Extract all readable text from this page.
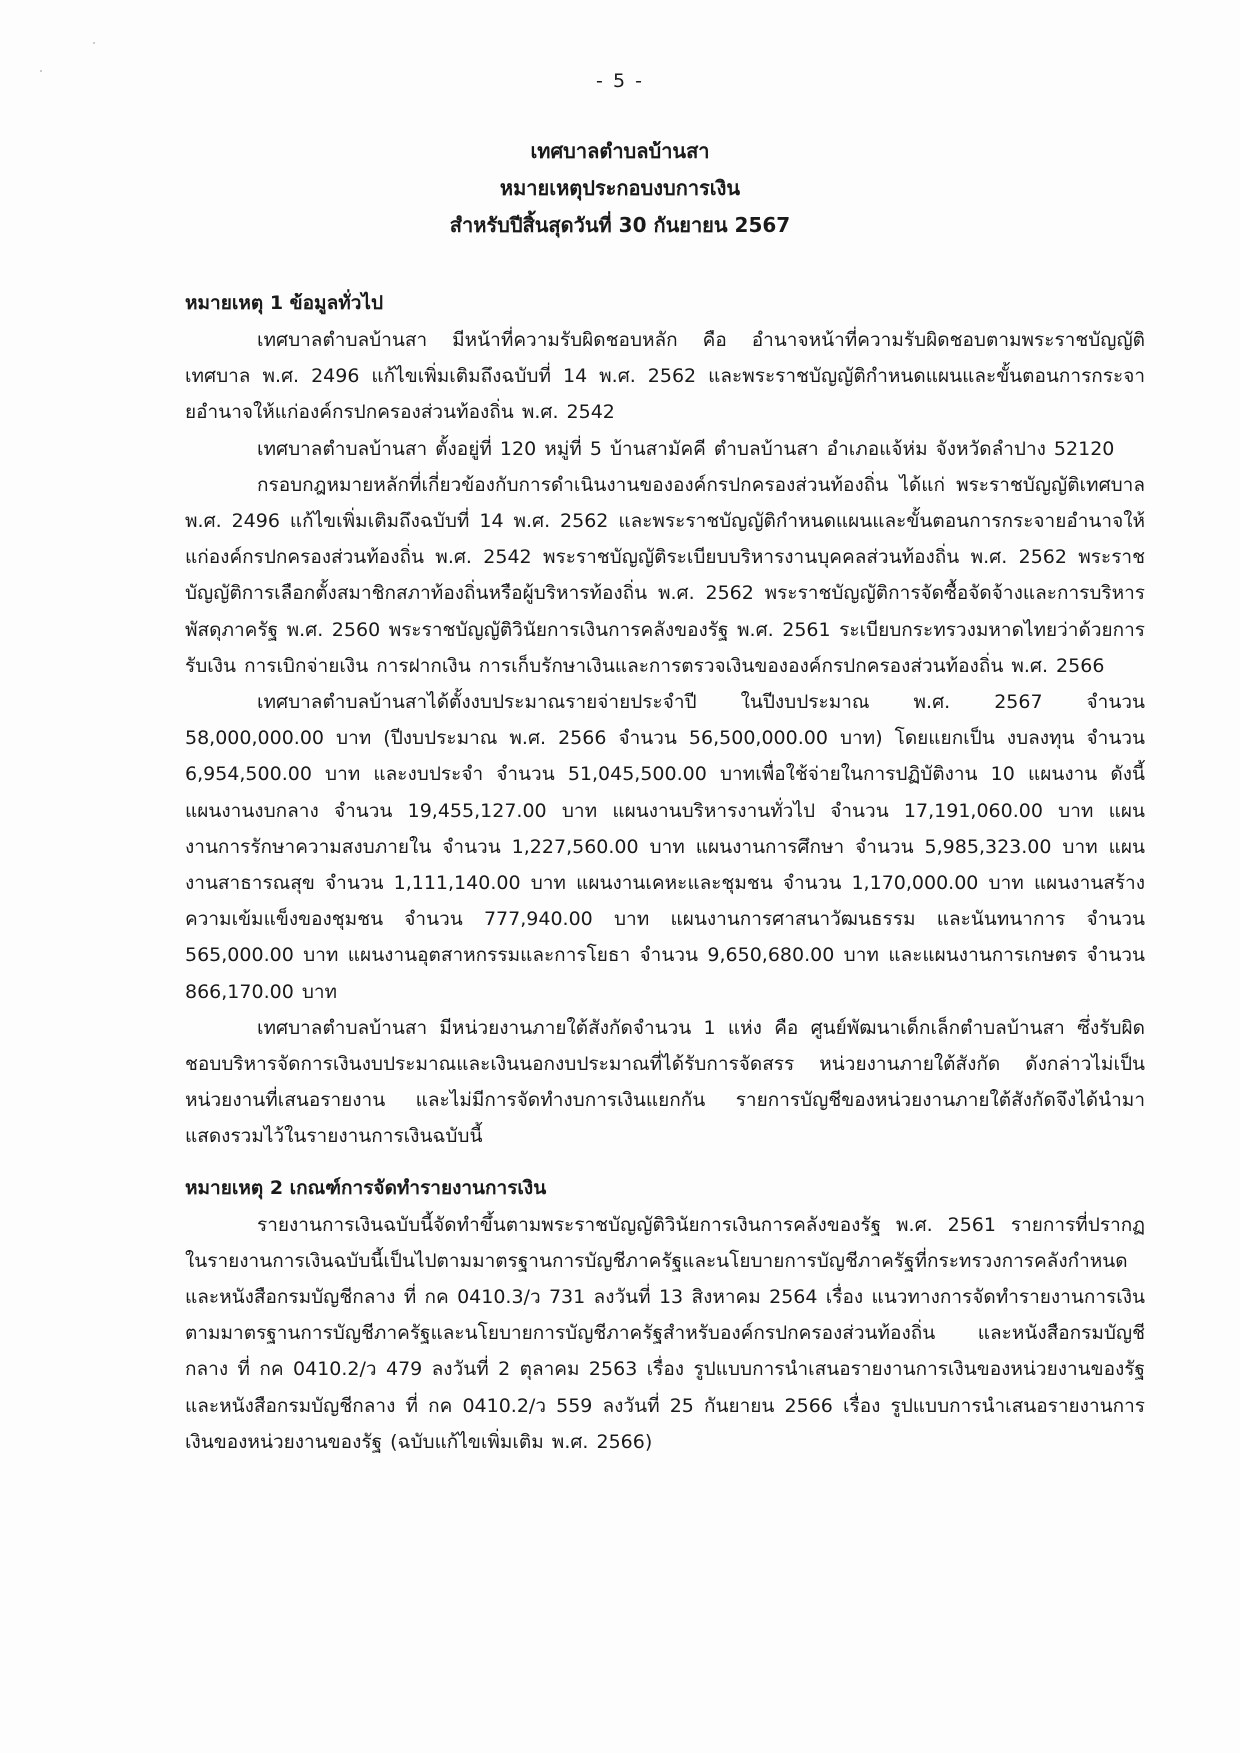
- 5 -

เทศบาลตำบลบ้านสา

หมายเหตุประกอบงบการเงิน

สำหรับปีสิ้นสุดวันที่ 30 กันยายน 2567

หมายเหตุ 1 ข้อมูลทั่วไป

เทศบาลตำบลบ้านสา มีหน้าที่ความรับผิดชอบหลัก คือ อำนาจหน้าที่ความรับผิดชอบตามพระราชบัญญัติเทศบาล พ.ศ. 2496 แก้ไขเพิ่มเติมถึงฉบับที่ 14 พ.ศ. 2562 และพระราชบัญญัติกำหนดแผนและขั้นตอนการกระจายอำนาจให้แก่องค์กรปกครองส่วนท้องถิ่น พ.ศ. 2542

เทศบาลตำบลบ้านสา ตั้งอยู่ที่ 120 หมู่ที่ 5 บ้านสามัคคี ตำบลบ้านสา อำเภอแจ้ห่ม จังหวัดลำปาง 52120

กรอบกฎหมายหลักที่เกี่ยวข้องกับการดำเนินงานขององค์กรปกครองส่วนท้องถิ่น ได้แก่ พระราชบัญญัติเทศบาล พ.ศ. 2496 แก้ไขเพิ่มเติมถึงฉบับที่ 14 พ.ศ. 2562 และพระราชบัญญัติกำหนดแผนและขั้นตอนการกระจายอำนาจให้แก่องค์กรปกครองส่วนท้องถิ่น พ.ศ. 2542 พระราชบัญญัติระเบียบบริหารงานบุคคลส่วนท้องถิ่น พ.ศ. 2562 พระราชบัญญัติการเลือกตั้งสมาชิกสภาท้องถิ่นหรือผู้บริหารท้องถิ่น พ.ศ. 2562 พระราชบัญญัติการจัดซื้อจัดจ้างและการบริหารพัสดุภาครัฐ พ.ศ. 2560 พระราชบัญญัติวินัยการเงินการคลังของรัฐ พ.ศ. 2561 ระเบียบกระทรวงมหาดไทยว่าด้วยการรับเงิน การเบิกจ่ายเงิน การฝากเงิน การเก็บรักษาเงินและการตรวจเงินขององค์กรปกครองส่วนท้องถิ่น พ.ศ. 2566

เทศบาลตำบลบ้านสาได้ตั้งงบประมาณรายจ่ายประจำปี ในปีงบประมาณ พ.ศ. 2567 จำนวน 58,000,000.00 บาท (ปีงบประมาณ พ.ศ. 2566 จำนวน 56,500,000.00 บาท) โดยแยกเป็น งบลงทุน จำนวน 6,954,500.00 บาท และงบประจำ จำนวน 51,045,500.00 บาทเพื่อใช้จ่ายในการปฏิบัติงาน 10 แผนงาน ดังนี้ แผนงานงบกลาง จำนวน 19,455,127.00 บาท แผนงานบริหารงานทั่วไป จำนวน 17,191,060.00 บาท แผนงานการรักษาความสงบภายใน จำนวน 1,227,560.00 บาท แผนงานการศึกษา จำนวน 5,985,323.00 บาท แผนงานสาธารณสุข จำนวน 1,111,140.00 บาท แผนงานเคหะและชุมชน จำนวน 1,170,000.00 บาท แผนงานสร้างความเข้มแข็งของชุมชน จำนวน 777,940.00 บาท แผนงานการศาสนาวัฒนธรรม และนันทนาการ จำนวน 565,000.00 บาท แผนงานอุตสาหกรรมและการโยธา จำนวน 9,650,680.00 บาท และแผนงานการเกษตร จำนวน 866,170.00 บาท

เทศบาลตำบลบ้านสา มีหน่วยงานภายใต้สังกัดจำนวน 1 แห่ง คือ ศูนย์พัฒนาเด็กเล็กตำบลบ้านสา ซึ่งรับผิดชอบบริหารจัดการเงินงบประมาณและเงินนอกงบประมาณที่ได้รับการจัดสรร หน่วยงานภายใต้สังกัด ดังกล่าวไม่เป็นหน่วยงานที่เสนอรายงาน และไม่มีการจัดทำงบการเงินแยกกัน รายการบัญชีของหน่วยงานภายใต้สังกัดจึงได้นำมาแสดงรวมไว้ในรายงานการเงินฉบับนี้

หมายเหตุ 2 เกณฑ์การจัดทำรายงานการเงิน

รายงานการเงินฉบับนี้จัดทำขึ้นตามพระราชบัญญัติวินัยการเงินการคลังของรัฐ พ.ศ. 2561 รายการที่ปรากฏในรายงานการเงินฉบับนี้เป็นไปตามมาตรฐานการบัญชีภาครัฐและนโยบายการบัญชีภาครัฐที่กระทรวงการคลังกำหนด และหนังสือกรมบัญชีกลาง ที่ กค 0410.3/ว 731 ลงวันที่ 13 สิงหาคม 2564 เรื่อง แนวทางการจัดทำรายงานการเงินตามมาตรฐานการบัญชีภาครัฐและนโยบายการบัญชีภาครัฐสำหรับองค์กรปกครองส่วนท้องถิ่น และหนังสือกรมบัญชีกลาง ที่ กค 0410.2/ว 479 ลงวันที่ 2 ตุลาคม 2563 เรื่อง รูปแบบการนำเสนอรายงานการเงินของหน่วยงานของรัฐ และหนังสือกรมบัญชีกลาง ที่ กค 0410.2/ว 559 ลงวันที่ 25 กันยายน 2566 เรื่อง รูปแบบการนำเสนอรายงานการเงินของหน่วยงานของรัฐ (ฉบับแก้ไขเพิ่มเติม พ.ศ. 2566)
